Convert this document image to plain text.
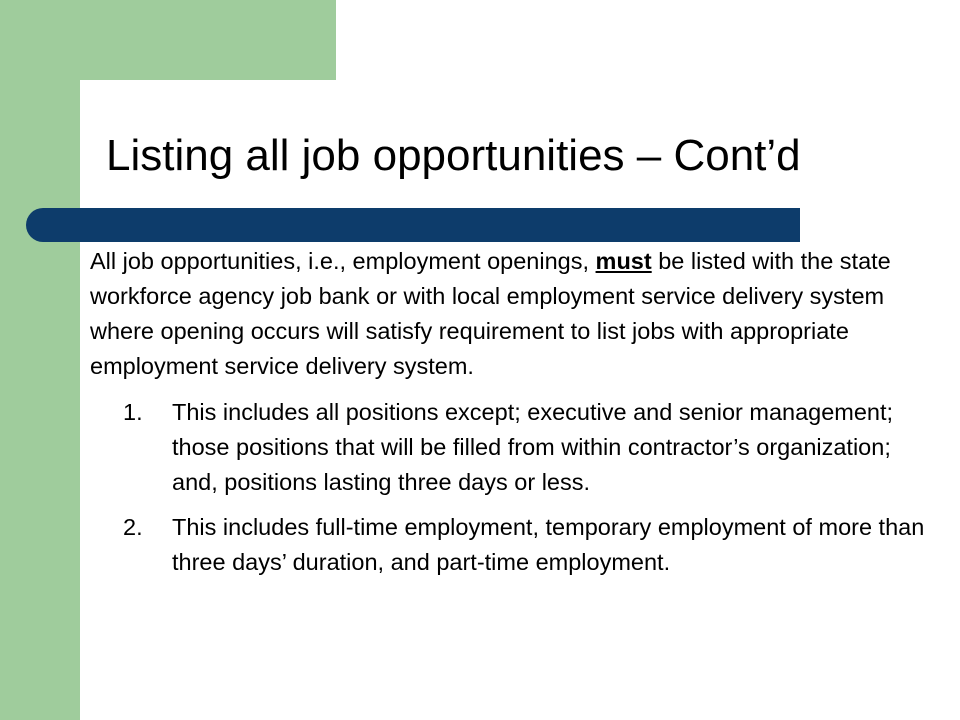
Listing all job opportunities – Cont’d

All job opportunities, i.e., employment openings, must be listed with the state workforce agency job bank or with local employment service delivery system where opening occurs will satisfy requirement to list jobs with appropriate employment service delivery system.

1. This includes all positions except; executive and senior management; those positions that will be filled from within contractor’s organization; and, positions lasting three days or less.
2. This includes full-time employment, temporary employment of more than three days’ duration, and part-time employment.
